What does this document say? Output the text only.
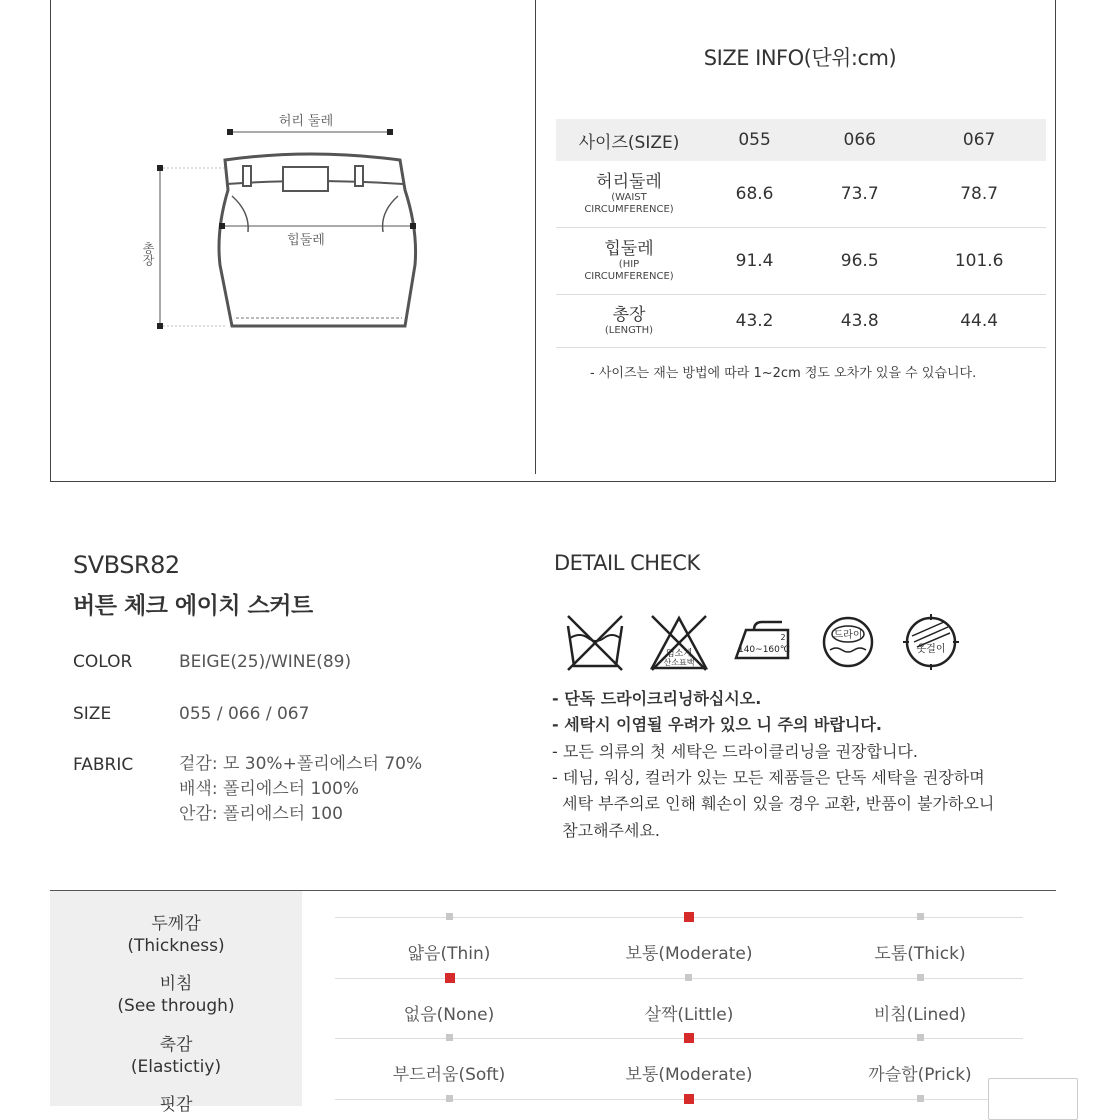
허리 둘레
힙둘레
총장
SIZE INFO(단위:cm)
사이즈(SIZE)	055	066	067

허리둘레
(WAIST
CIRCUMFERENCE)	68.6	73.7	78.7

힙둘레
(HIP
CIRCUMFERENCE)	91.4	96.5	101.6

총장
(LENGTH)	43.2	43.8	44.4
- 사이즈는 재는 방법에 따라 1~2cm 정도 오차가 있을 수 있습니다.
SVBSR82
버튼 체크 에이치 스커트
COLOR	BEIGE(25)/WINE(89)
SIZE	055 / 066 / 067
FABRIC	겉감: 모 30%+폴리에스터 70%
배색: 폴리에스터 100%
안감: 폴리에스터 100
DETAIL CHECK
염소계
산소표백
140~160℃
2	드라이
옷걸이
- 단독 드라이크리닝하십시오.
- 세탁시 이염될 우려가 있으 니 주의 바랍니다.
- 모든 의류의 첫 세탁은 드라이클리닝을 권장합니다.
- 데님, 워싱, 컬러가 있는 모든 제품들은 단독 세탁을 권장하며
세탁 부주의로 인해 훼손이 있을 경우 교환, 반품이 불가하오니
참고해주세요.
두께감
(Thickness)	얇음(Thin)	보통(Moderate)	도톰(Thick)
비침
(See through)	없음(None)	살짝(Little)	비침(Lined)
축감
(Elastictiy)	부드러움(Soft)	보통(Moderate)	까슬함(Prick)
핏감
